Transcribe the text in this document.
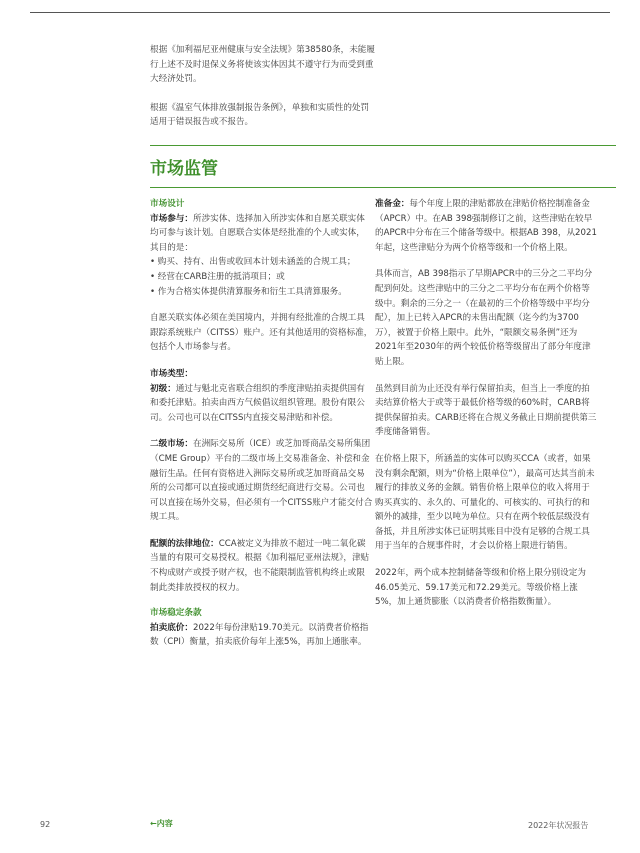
根据《加利福尼亚州健康与安全法规》第38580条，未能履行上述不及时退保义务将使该实体因其不遵守行为而受到重大经济处罚。

根据《温室气体排放强制报告条例》，单独和实质性的处罚适用于错误报告或不报告。

市场监管

市场设计

市场参与：所涉实体、选择加入所涉实体和自愿关联实体均可参与该计划。自愿联合实体是经批准的个人或实体，其目的是：

• 购买、持有、出售或收回本计划未涵盖的合规工具；
• 经营在CARB注册的抵消项目；或
• 作为合格实体提供清算服务和衍生工具清算服务。

自愿关联实体必须在美国境内，并拥有经批准的合规工具跟踪系统账户（CITSS）账户。还有其他适用的资格标准，包括个人市场参与者。

市场类型：

初级：通过与魁北克省联合组织的季度津贴拍卖提供国有和委托津贴。拍卖由西方气候倡议组织管理。股份有限公司。公司也可以在CITSS内直接交易津贴和补偿。

二级市场：在洲际交易所（ICE）或芝加哥商品交易所集团（CME Group）平台的二级市场上交易准备金、补偿和金融衍生品。任何有资格进入洲际交易所或芝加哥商品交易所的公司都可以直接或通过期货经纪商进行交易。公司也可以直接在场外交易，但必须有一个CITSS账户才能交付合规工具。

配额的法律地位：CCA被定义为排放不超过一吨二氧化碳当量的有限可交易授权。根据《加利福尼亚州法规》，津贴不构成财产或授予财产权，也不能限制监管机构终止或限制此类排放授权的权力。

市场稳定条款

拍卖底价：2022年每份津贴19.70美元。以消费者价格指数（CPI）衡量，拍卖底价每年上涨5%，再加上通胀率。

准备金：每个年度上限的津贴都放在津贴价格控制准备金（APCR）中。在AB 398强制修订之前，这些津贴在较早的APCR中分布在三个储备等级中。根据AB 398，从2021年起，这些津贴分为两个价格等级和一个价格上限。

具体而言，AB 398指示了早期APCR中的三分之二平均分配到何处。这些津贴中的三分之二平均分布在两个价格等级中。剩余的三分之一（在最初的三个价格等级中平均分配），加上已转入APCR的未售出配额（迄今约为3700万），被置于价格上限中。此外，“限额交易条例”还为2021年至2030年的两个较低价格等级留出了部分年度津贴上限。

虽然到目前为止还没有举行保留拍卖，但当上一季度的拍卖结算价格大于或等于最低价格等级的60%时，CARB将提供保留拍卖。CARB还将在合规义务截止日期前提供第三季度储备销售。

在价格上限下，所涵盖的实体可以购买CCA（或者，如果没有剩余配额，则为“价格上限单位”），最高可达其当前未履行的排放义务的金额。销售价格上限单位的收入将用于购买真实的、永久的、可量化的、可核实的、可执行的和额外的减排，至少以吨为单位。只有在两个较低层级没有备抵，并且所涉实体已证明其账目中没有足够的合规工具用于当年的合规事件时，才会以价格上限进行销售。

2022年，两个成本控制储备等级和价格上限分别设定为46.05美元、59.17美元和72.29美元。等级价格上涨5%，加上通货膨胀（以消费者价格指数衡量）。

92	←内容	2022年状况报告
